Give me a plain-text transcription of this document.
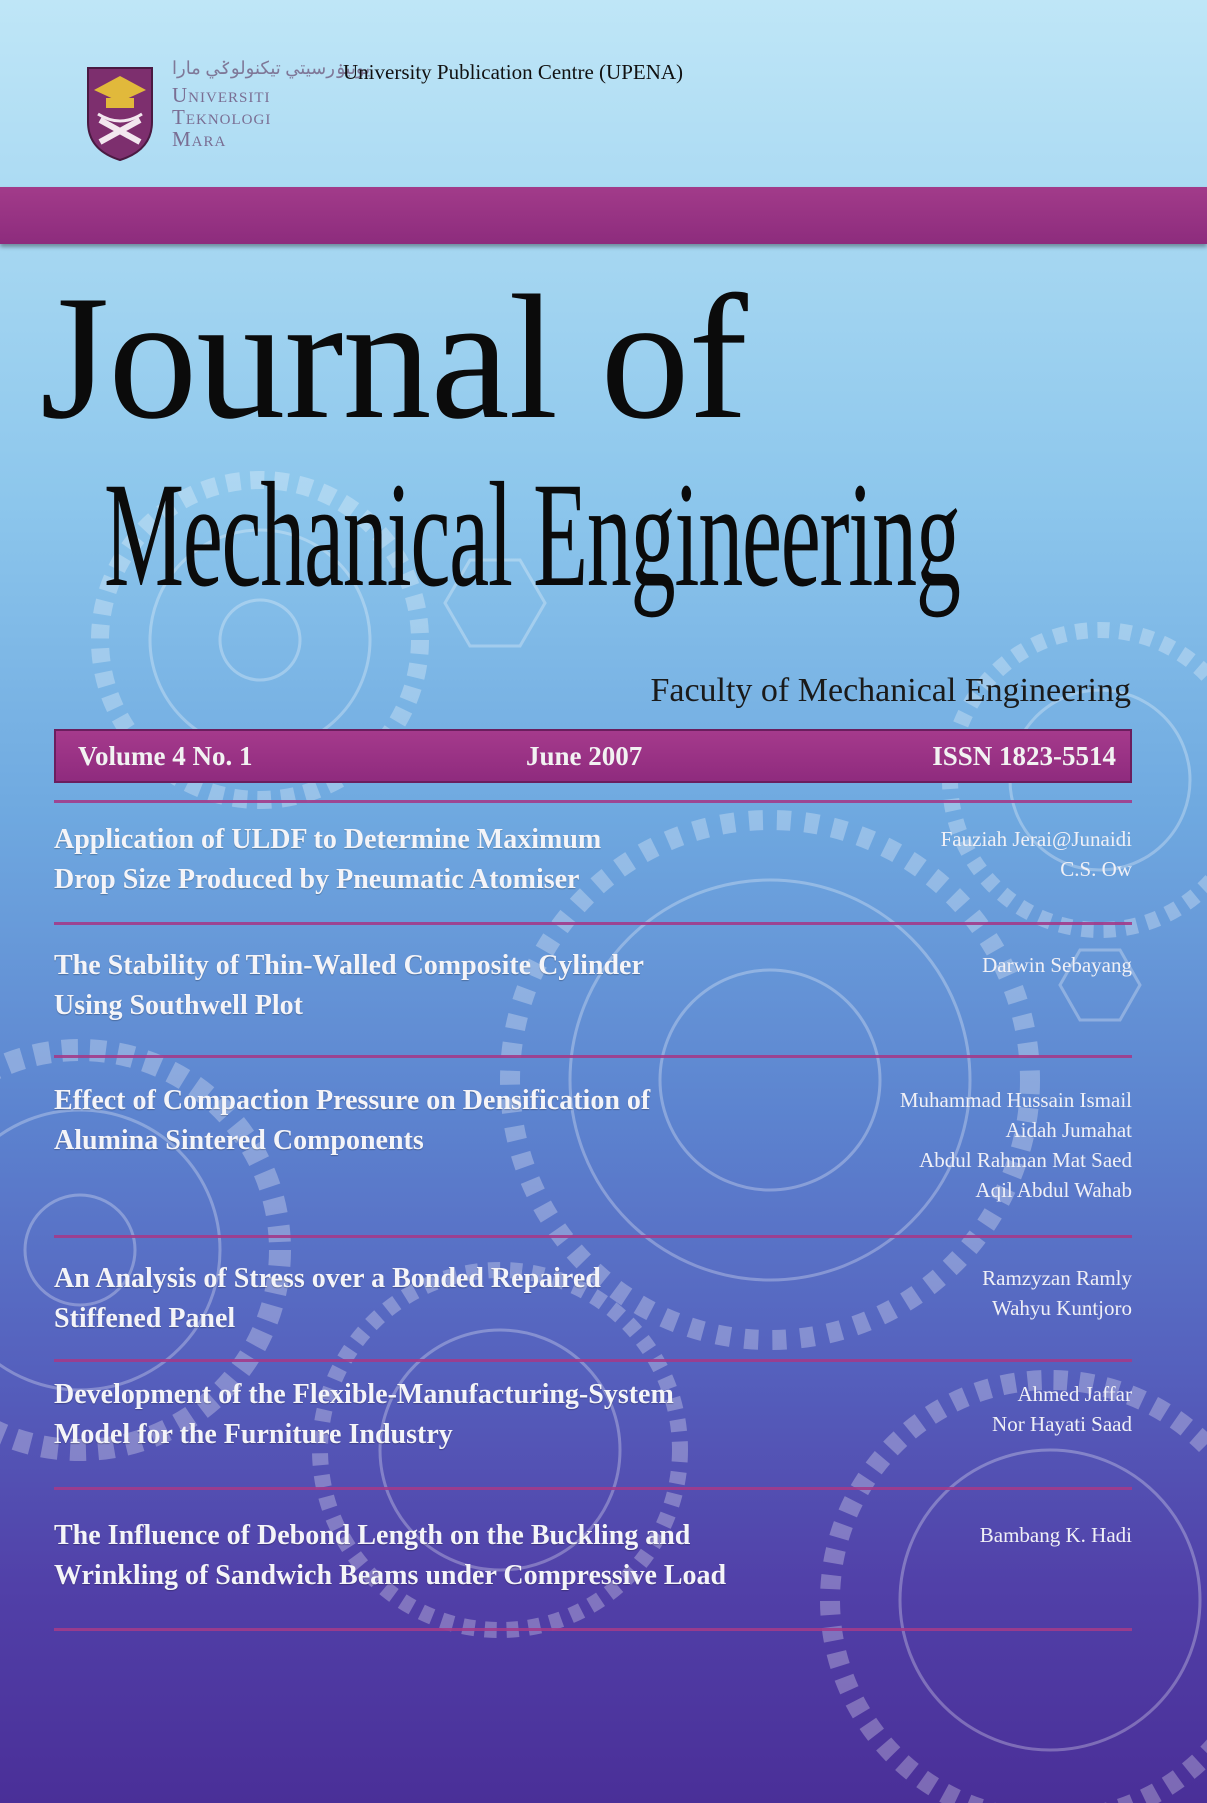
يونيۏرسيتي تيكنولوݢي مارا
Universiti
Teknologi
Mara
University Publication Centre (UPENA)
Journal of
Mechanical Engineering
Faculty of Mechanical Engineering
Volume 4 No. 1	June 2007	ISSN 1823-5514
Application of ULDF to Determine Maximum
Drop Size Produced by Pneumatic Atomiser
Fauziah Jerai@Junaidi
C.S. Ow
The Stability of Thin-Walled Composite Cylinder
Using Southwell Plot
Darwin Sebayang
Effect of Compaction Pressure on Densification of
Alumina Sintered Components
Muhammad Hussain Ismail
Aidah Jumahat
Abdul Rahman Mat Saed
Aqil Abdul Wahab
An Analysis of Stress over a Bonded Repaired
Stiffened Panel
Ramzyzan Ramly
Wahyu Kuntjoro
Development of the Flexible-Manufacturing-System
Model for the Furniture Industry
Ahmed Jaffar
Nor Hayati Saad
The Influence of Debond Length on the Buckling and
Wrinkling of Sandwich Beams under Compressive Load
Bambang K. Hadi
